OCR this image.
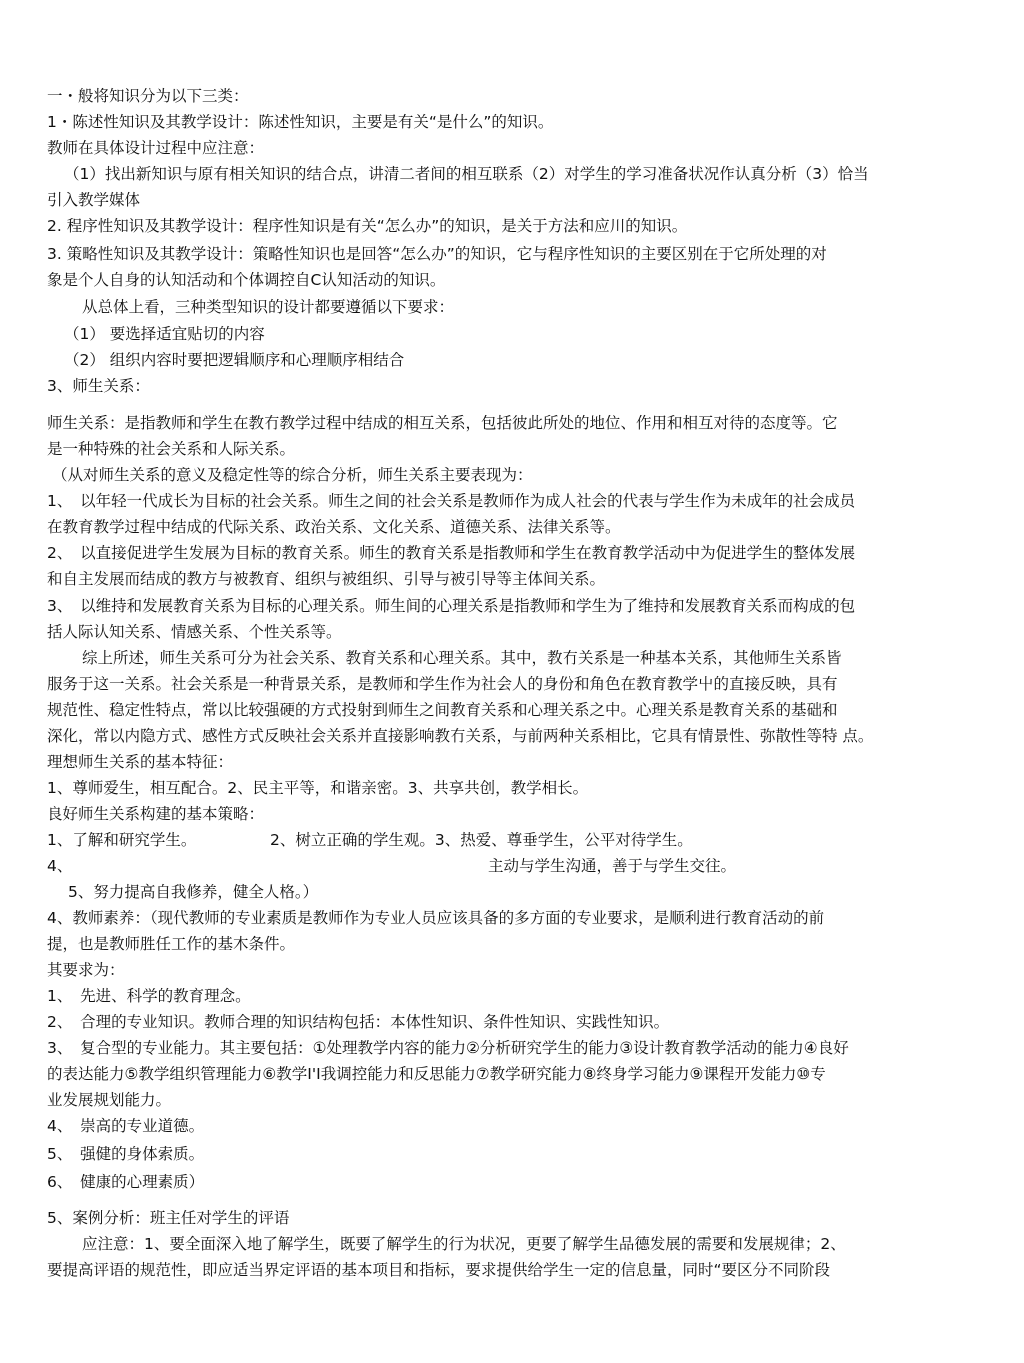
一・般将知识分为以下三类：
1・陈述性知识及其教学设计：陈述性知识，主要是有关“是什么”的知识。
教师在具体设计过程中应注意：
（1）找出新知识与原有相关知识的结合点，讲清二者间的相互联系（2）对学生的学习准备状况作认真分析（3）恰当
引入教学媒体
2. 程序性知识及其教学设计：程序性知识是有关“怎么办”的知识，是关于方法和应川的知识。
3. 策略性知识及其教学设计：策略性知识也是回答“怎么办”的知识，它与程序性知识的主要区别在于它所处理的对
象是个人自身的认知活动和个体调控自C认知活动的知识。
从总体上看，三种类型知识的设计都要遵循以下要求：
（1） 要选择适宜贴切的内容
（2） 组织内容时要把逻辑顺序和心理顺序相结合
3、师生关系：
师生关系：是指教师和学生在教冇教学过程中结成的相互关系，包括彼此所处的地位、作用和相互对待的态度等。它
是一种特殊的社会关系和人际关系。
（从对师生关系的意义及稳定性等的综合分析，师生关系主要表现为：
1、　以年轻一代成长为目标的社会关系。师生之间的社会关系是教师作为成人社会的代表与学生作为未成年的社会成员
在教育教学过程中结成的代际关系、政治关系、文化关系、道德关系、法律关系等。
2、　以直接促进学生发展为目标的教育关系。师生的教育关系是指教师和学生在教育教学活动中为促进学生的整体发展
和自主发展而结成的教方与被教育、组织与被组织、引导与被引导等主体间关系。
3、　以维持和发展教育关系为目标的心理关系。师生间的心理关系是指教师和学生为了维持和发展教育关系而构成的包
括人际认知关系、情感关系、个性关系等。
综上所述，师生关系可分为社会关系、教育关系和心理关系。其中，教冇关系是一种基本关系，其他师生关系皆
服务于这一关系。社会关系是一种背景关系，是教师和学生作为社会人的身份和角色在教育教学屮的直接反映，具有
规范性、稳定性特点，常以比较强硬的方式投射到师生之间教育关系和心理关系之中。心理关系是教育关系的基础和
深化，常以内隐方式、感性方式反映社会关系并直接影响教冇关系，与前两种关系相比，它具有情景性、弥散性等特 点。
理想师生关系的基本特征：
1、尊师爱生，相互配合。2、民主平等，和谐亲密。3、共享共创，教学相长。
良好师生关系构建的基本策略：
1、了解和研究学生。	2、树立正确的学生观。3、热爱、尊垂学生，公平对待学生。
4、	主动与学生沟通，善于与学生交往。
5、努力提高自我修养，健全人格。）
4、教师素养：（现代教师的专业素质是教师作为专业人员应该具备的多方面的专业要求，是顺利进行教育活动的前
提，也是教师胜任工作的基木条件。
其要求为：
1、　先进、科学的教育理念。
2、　合理的专业知识。教师合理的知识结构包括：本体性知识、条件性知识、实践性知识。
3、　复合型的专业能力。其主要包括：①处理教学内容的能力②分析研究学生的能力③设计教育教学活动的能力④良好
的表达能力⑤教学组织管理能力⑥教学I'I我调控能力和反思能力⑦教学研究能力⑧终身学习能力⑨课程开发能力⑩专
业发展规划能力。
4、　崇高的专业道德。
5、　强健的身体索质。
6、　健康的心理素质）
5、案例分析：班主任对学生的评语
应注意：1、要全面深入地了解学生，既要了解学生的行为状况，更要了解学生品德发展的需要和发展规律；2、
要提高评语的规范性，即应适当界定评语的基本项目和指标，要求提供给学生一定的信息量，同时“要区分不同阶段
